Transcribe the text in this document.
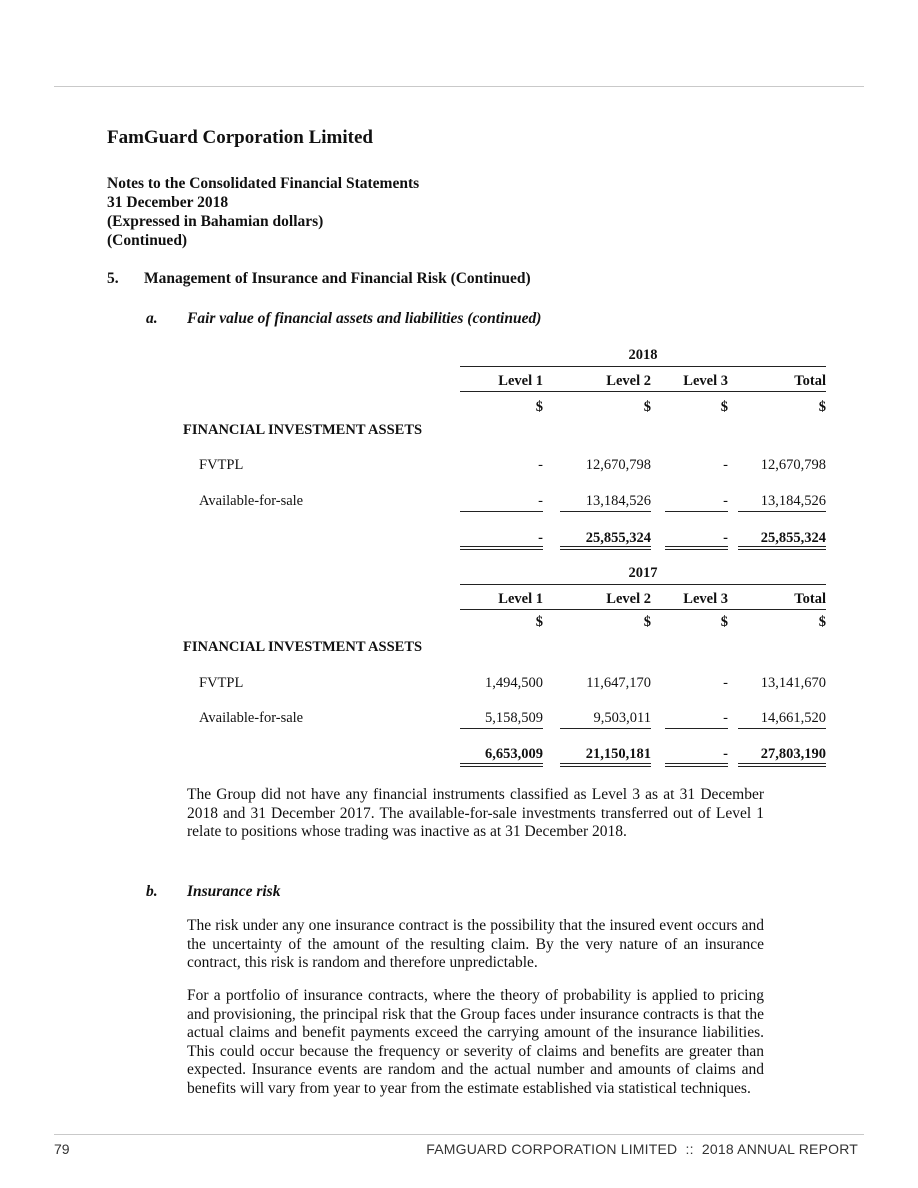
FamGuard Corporation Limited
Notes to the Consolidated Financial Statements
31 December 2018
(Expressed in Bahamian dollars)
(Continued)
5. Management of Insurance and Financial Risk (Continued)
a. Fair value of financial assets and liabilities (continued)
2018
Level 1	Level 2	Level 3	Total
$	$	$	$
FINANCIAL INVESTMENT ASSETS
FVTPL	-	12,670,798	-	12,670,798
Available-for-sale	-	13,184,526	-	13,184,526
-	25,855,324	-	25,855,324
2017
Level 1	Level 2	Level 3	Total
$	$	$	$
FINANCIAL INVESTMENT ASSETS
FVTPL	1,494,500	11,647,170	-	13,141,670
Available-for-sale	5,158,509	9,503,011	-	14,661,520
6,653,009	21,150,181	-	27,803,190

The Group did not have any financial instruments classified as Level 3 as at 31 December 2018 and 31 December 2017. The available-for-sale investments transferred out of Level 1 relate to positions whose trading was inactive as at 31 December 2018.

b. Insurance risk

The risk under any one insurance contract is the possibility that the insured event occurs and the uncertainty of the amount of the resulting claim. By the very nature of an insurance contract, this risk is random and therefore unpredictable.

For a portfolio of insurance contracts, where the theory of probability is applied to pricing and provisioning, the principal risk that the Group faces under insurance contracts is that the actual claims and benefit payments exceed the carrying amount of the insurance liabilities. This could occur because the frequency or severity of claims and benefits are greater than expected. Insurance events are random and the actual number and amounts of claims and benefits will vary from year to year from the estimate established via statistical techniques.

79	FAMGUARD CORPORATION LIMITED  ::  2018 ANNUAL REPORT
